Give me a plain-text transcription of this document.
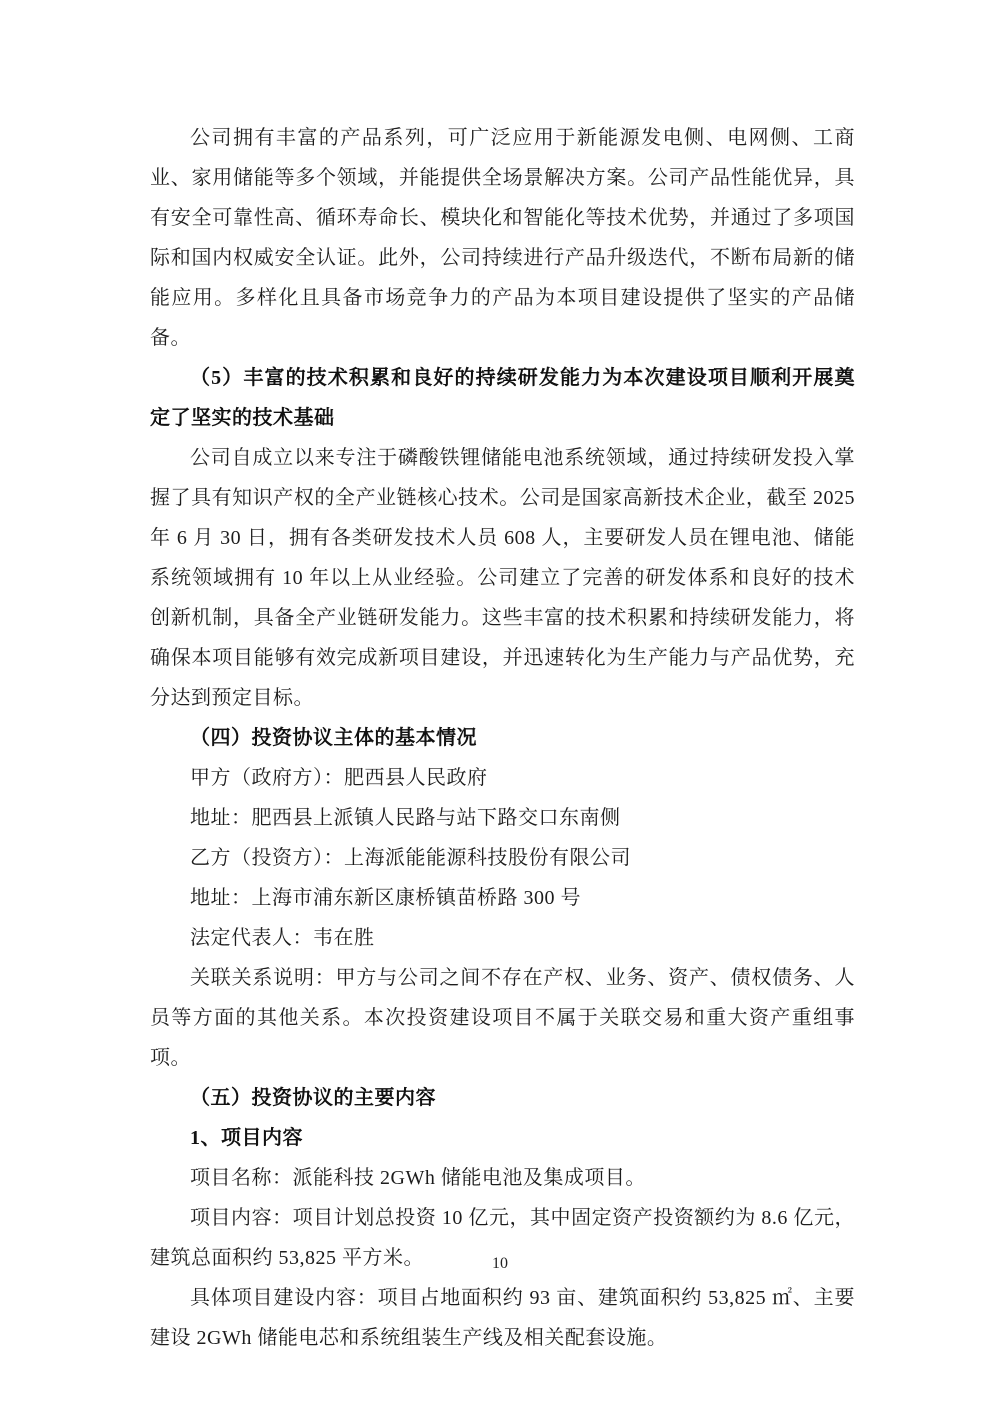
公司拥有丰富的产品系列，可广泛应用于新能源发电侧、电网侧、工商业、家用储能等多个领域，并能提供全场景解决方案。公司产品性能优异，具有安全可靠性高、循环寿命长、模块化和智能化等技术优势，并通过了多项国际和国内权威安全认证。此外，公司持续进行产品升级迭代，不断布局新的储能应用。多样化且具备市场竞争力的产品为本项目建设提供了坚实的产品储备。

（5）丰富的技术积累和良好的持续研发能力为本次建设项目顺利开展奠定了坚实的技术基础

公司自成立以来专注于磷酸铁锂储能电池系统领域，通过持续研发投入掌握了具有知识产权的全产业链核心技术。公司是国家高新技术企业，截至 2025 年 6 月 30 日，拥有各类研发技术人员 608 人，主要研发人员在锂电池、储能系统领域拥有 10 年以上从业经验。公司建立了完善的研发体系和良好的技术创新机制，具备全产业链研发能力。这些丰富的技术积累和持续研发能力，将确保本项目能够有效完成新项目建设，并迅速转化为生产能力与产品优势，充分达到预定目标。

（四）投资协议主体的基本情况

甲方（政府方）：肥西县人民政府

地址：肥西县上派镇人民路与站下路交口东南侧

乙方（投资方）：上海派能能源科技股份有限公司

地址：上海市浦东新区康桥镇苗桥路 300 号

法定代表人：韦在胜

关联关系说明：甲方与公司之间不存在产权、业务、资产、债权债务、人员等方面的其他关系。本次投资建设项目不属于关联交易和重大资产重组事项。

（五）投资协议的主要内容

1、项目内容

项目名称：派能科技 2GWh 储能电池及集成项目。

项目内容：项目计划总投资 10 亿元，其中固定资产投资额约为 8.6 亿元，建筑总面积约 53,825 平方米。

具体项目建设内容：项目占地面积约 93 亩、建筑面积约 53,825 ㎡、主要建设 2GWh 储能电芯和系统组装生产线及相关配套设施。

10
